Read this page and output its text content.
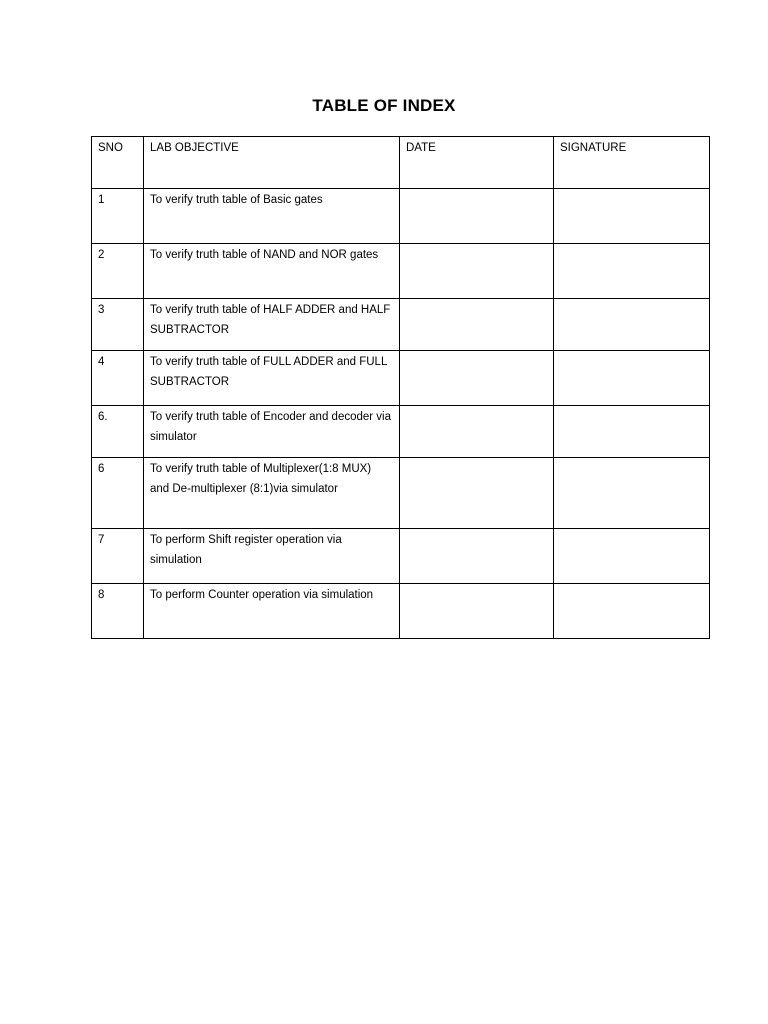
TABLE OF INDEX
SNO	LAB OBJECTIVE	DATE	SIGNATURE
1	To verify truth table of Basic gates		
2	To verify truth table of NAND and NOR gates		
3	To verify truth table of HALF ADDER and HALF SUBTRACTOR		
4	To verify truth table of FULL ADDER and FULL SUBTRACTOR		
6.	To verify truth table of Encoder and decoder via simulator		
6	To verify truth table of Multiplexer(1:8 MUX) and De-multiplexer (8:1)via simulator		
7	To perform Shift register operation via simulation		
8	To perform Counter operation via simulation		
